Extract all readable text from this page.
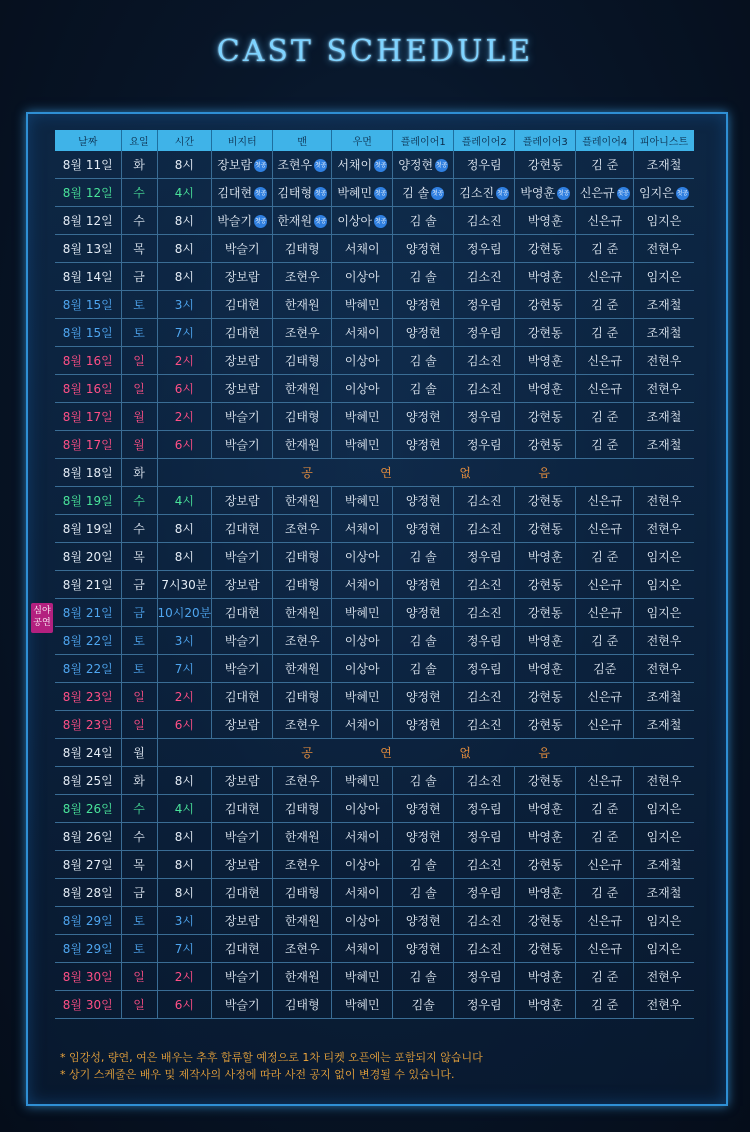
CAST SCHEDULE
날짜	요일	시간	비지터	맨	우먼	플레이어1	플레이어2	플레이어3	플레이어4	피아니스트
8월 11일	화	8시	장보람 첫공	조현우 첫공	서채이 첫공	양정현 첫공	정우림	강현동	김 준	조재철
8월 12일	수	4시	김대현 첫공	김태형 첫공	박혜민 첫공	김 솔 첫공	김소진 첫공	박영훈 첫공	신은규 첫공	임지은 첫공
8월 12일	수	8시	박슬기 첫공	한재원 첫공	이상아 첫공	김 솔	김소진	박영훈	신은규	임지은
8월 13일	목	8시	박슬기	김태형	서채이	양정현	정우림	강현동	김 준	전현우
8월 14일	금	8시	장보람	조현우	이상아	김 솔	김소진	박영훈	신은규	임지은
8월 15일	토	3시	김대현	한재원	박혜민	양정현	정우림	강현동	김 준	조재철
8월 15일	토	7시	김대현	조현우	서채이	양정현	정우림	강현동	김 준	조재철
8월 16일	일	2시	장보람	김태형	이상아	김 솔	김소진	박영훈	신은규	전현우
8월 16일	일	6시	장보람	한재원	이상아	김 솔	김소진	박영훈	신은규	전현우
8월 17일	월	2시	박슬기	김태형	박혜민	양정현	정우림	강현동	김 준	조재철
8월 17일	월	6시	박슬기	한재원	박혜민	양정현	정우림	강현동	김 준	조재철
8월 18일	화	공 연 없 음								

8월 19일	수	4시	장보람	한재원	박혜민	양정현	김소진	강현동	신은규	전현우
8월 19일	수	8시	김대현	조현우	서채이	양정현	김소진	강현동	신은규	전현우
8월 20일	목	8시	박슬기	김태형	이상아	김 솔	정우림	박영훈	김 준	임지은
8월 21일	금	7시30분	장보람	김태형	서채이	양정현	김소진	강현동	신은규	임지은
8월 21일	금	10시20분	김대현	한재원	박혜민	양정현	김소진	강현동	신은규	임지은
8월 22일	토	3시	박슬기	조현우	이상아	김 솔	정우림	박영훈	김 준	전현우
8월 22일	토	7시	박슬기	한재원	이상아	김 솔	정우림	박영훈	김준	전현우
8월 23일	일	2시	김대현	김태형	박혜민	양정현	김소진	강현동	신은규	조재철
8월 23일	일	6시	장보람	조현우	서채이	양정현	김소진	강현동	신은규	조재철
8월 24일	월	공 연 없 음								

8월 25일	화	8시	장보람	조현우	박혜민	김 솔	김소진	강현동	신은규	전현우
8월 26일	수	4시	김대현	김태형	이상아	양정현	정우림	박영훈	김 준	임지은
8월 26일	수	8시	박슬기	한재원	서채이	양정현	정우림	박영훈	김 준	임지은
8월 27일	목	8시	장보람	조현우	이상아	김 솔	김소진	강현동	신은규	조재철
8월 28일	금	8시	김대현	김태형	서채이	김 솔	정우림	박영훈	김 준	조재철
8월 29일	토	3시	장보람	한재원	이상아	양정현	김소진	강현동	신은규	임지은
8월 29일	토	7시	김대현	조현우	서채이	양정현	김소진	강현동	신은규	임지은
8월 30일	일	2시	박슬기	한재원	박혜민	김 솔	정우림	박영훈	김 준	전현우
8월 30일	일	6시	박슬기	김태형	박혜민	김솔	정우림	박영훈	김 준	전현우
심야
공연
* 임강성, 량연, 여은 배우는 추후 합류할 예정으로 1차 티켓 오픈에는 포함되지 않습니다
* 상기 스케줄은 배우 및 제작사의 사정에 따라 사전 공지 없이 변경될 수 있습니다.
